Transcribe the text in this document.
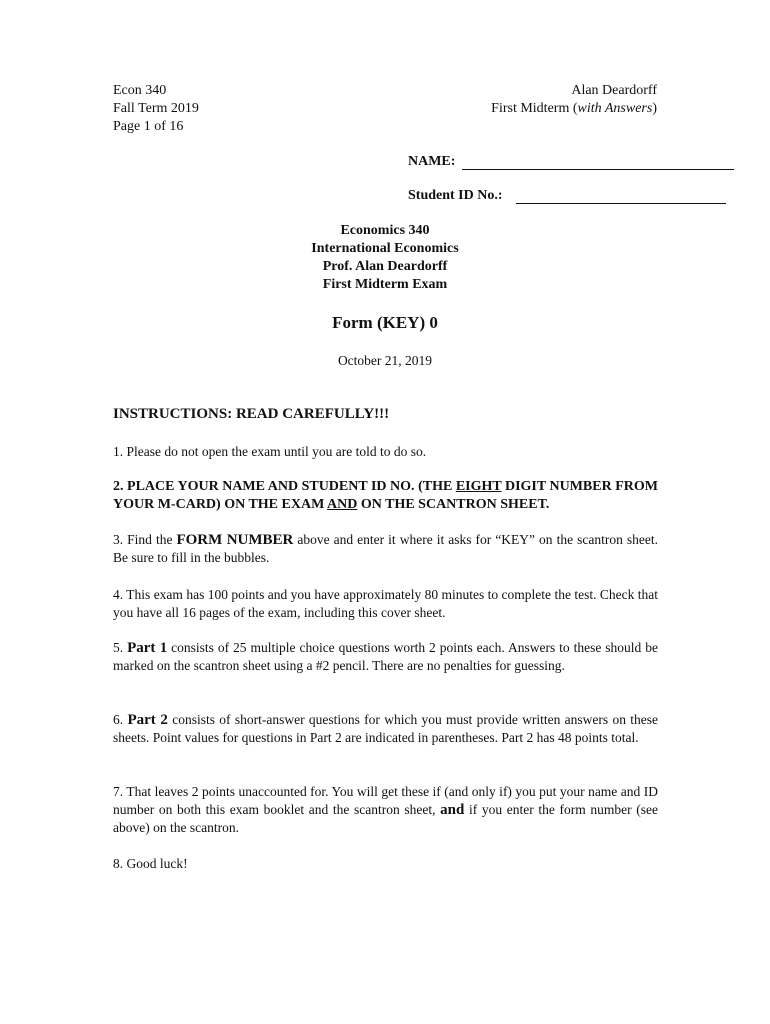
Econ 340
Fall Term 2019
Page 1 of 16
Alan Deardorff
First Midterm (with Answers)
NAME:
Student ID No.:
Economics 340
International Economics
Prof. Alan Deardorff
First Midterm Exam
Form (KEY) 0
October 21, 2019
INSTRUCTIONS: READ CAREFULLY!!!
1. Please do not open the exam until you are told to do so.
2. PLACE YOUR NAME AND STUDENT ID NO. (THE EIGHT DIGIT NUMBER FROM YOUR M-CARD) ON THE EXAM AND ON THE SCANTRON SHEET.
3. Find the FORM NUMBER above and enter it where it asks for “KEY” on the scantron sheet. Be sure to fill in the bubbles.
4. This exam has 100 points and you have approximately 80 minutes to complete the test. Check that you have all 16 pages of the exam, including this cover sheet.
5. Part 1 consists of 25 multiple choice questions worth 2 points each. Answers to these should be marked on the scantron sheet using a #2 pencil. There are no penalties for guessing.
6. Part 2 consists of short-answer questions for which you must provide written answers on these sheets. Point values for questions in Part 2 are indicated in parentheses. Part 2 has 48 points total.
7. That leaves 2 points unaccounted for. You will get these if (and only if) you put your name and ID number on both this exam booklet and the scantron sheet, and if you enter the form number (see above) on the scantron.
8. Good luck!
